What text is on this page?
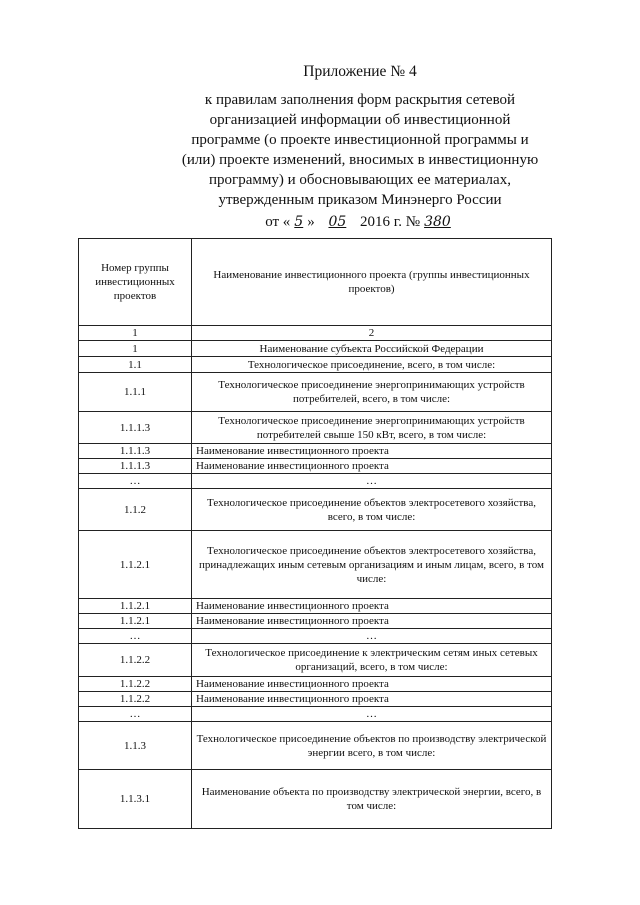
Приложение № 4
к правилам заполнения форм раскрытия сетевой
организацией информации об инвестиционной
программе (о проекте инвестиционной программы и
(или) проекте изменений, вносимых в инвестиционную
программу) и обосновывающих ее материалах,
утвержденным приказом Минэнерго России
от « 5 » 05 2016 г. № 380
Номер группы инвестиционных проектов	Наименование инвестиционного проекта (группы инвестиционных проектов)
1	2
1	Наименование субъекта Российской Федерации
1.1	Технологическое присоединение, всего, в том числе:
1.1.1	Технологическое присоединение энергопринимающих устройств потребителей, всего, в том числе:
1.1.1.3	Технологическое присоединение энергопринимающих устройств потребителей свыше 150 кВт, всего, в том числе:
1.1.1.3	Наименование инвестиционного проекта
1.1.1.3	Наименование инвестиционного проекта
…	…
1.1.2	Технологическое присоединение объектов электросетевого хозяйства, всего, в том числе:
1.1.2.1	Технологическое присоединение объектов электросетевого хозяйства, принадлежащих иным сетевым организациям и иным лицам, всего, в том числе:
1.1.2.1	Наименование инвестиционного проекта
1.1.2.1	Наименование инвестиционного проекта
…	…
1.1.2.2	Технологическое присоединение к электрическим сетям иных сетевых организаций, всего, в том числе:
1.1.2.2	Наименование инвестиционного проекта
1.1.2.2	Наименование инвестиционного проекта
…	…
1.1.3	Технологическое присоединение объектов по производству электрической энергии всего, в том числе:
1.1.3.1	Наименование объекта по производству электрической энергии, всего, в том числе:
